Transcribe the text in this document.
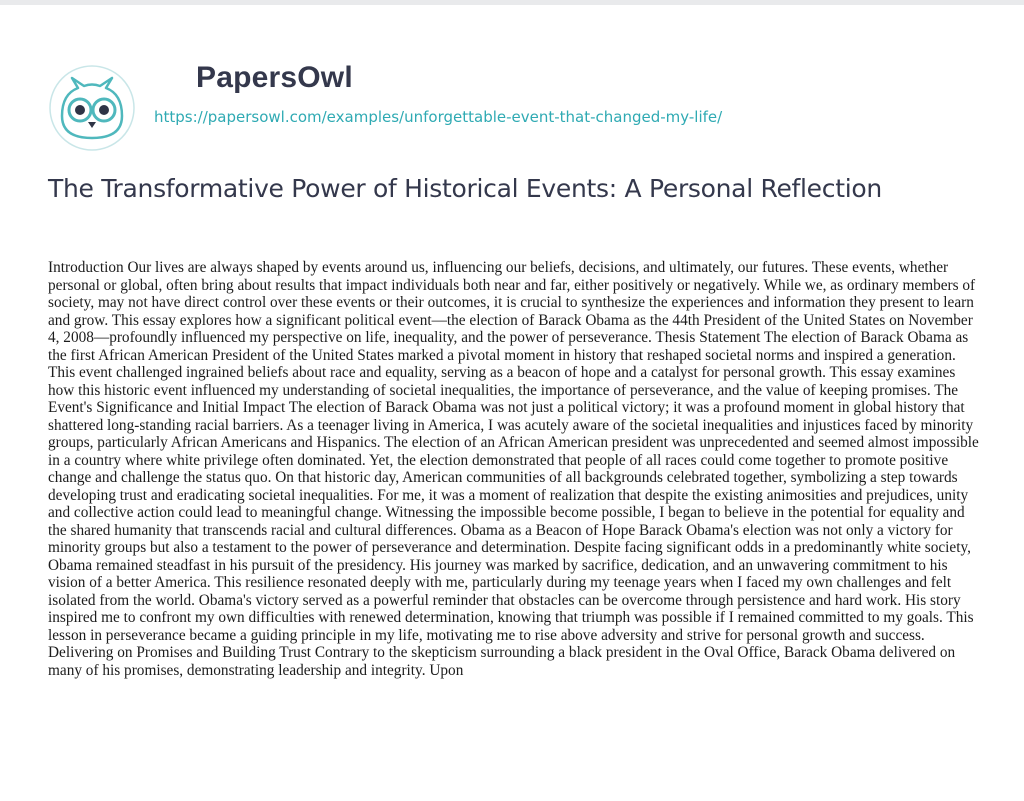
PapersOwl
https://papersowl.com/examples/unforgettable-event-that-changed-my-life/
The Transformative Power of Historical Events: A Personal Reflection

Introduction Our lives are always shaped by events around us, influencing our beliefs, decisions, and ultimately, our futures. These events, whether personal or global, often bring about results that impact individuals both near and far, either positively or negatively. While we, as ordinary members of society, may not have direct control over these events or their outcomes, it is crucial to synthesize the experiences and information they present to learn and grow. This essay explores how a significant political event—the election of Barack Obama as the 44th President of the United States on November 4, 2008—profoundly influenced my perspective on life, inequality, and the power of perseverance. Thesis Statement The election of Barack Obama as the first African American President of the United States marked a pivotal moment in history that reshaped societal norms and inspired a generation. This event challenged ingrained beliefs about race and equality, serving as a beacon of hope and a catalyst for personal growth. This essay examines how this historic event influenced my understanding of societal inequalities, the importance of perseverance, and the value of keeping promises. The Event's Significance and Initial Impact The election of Barack Obama was not just a political victory; it was a profound moment in global history that shattered long-standing racial barriers. As a teenager living in America, I was acutely aware of the societal inequalities and injustices faced by minority groups, particularly African Americans and Hispanics. The election of an African American president was unprecedented and seemed almost impossible in a country where white privilege often dominated. Yet, the election demonstrated that people of all races could come together to promote positive change and challenge the status quo. On that historic day, American communities of all backgrounds celebrated together, symbolizing a step towards developing trust and eradicating societal inequalities. For me, it was a moment of realization that despite the existing animosities and prejudices, unity and collective action could lead to meaningful change. Witnessing the impossible become possible, I began to believe in the potential for equality and the shared humanity that transcends racial and cultural differences. Obama as a Beacon of Hope Barack Obama's election was not only a victory for minority groups but also a testament to the power of perseverance and determination. Despite facing significant odds in a predominantly white society, Obama remained steadfast in his pursuit of the presidency. His journey was marked by sacrifice, dedication, and an unwavering commitment to his vision of a better America. This resilience resonated deeply with me, particularly during my teenage years when I faced my own challenges and felt isolated from the world. Obama's victory served as a powerful reminder that obstacles can be overcome through persistence and hard work. His story inspired me to confront my own difficulties with renewed determination, knowing that triumph was possible if I remained committed to my goals. This lesson in perseverance became a guiding principle in my life, motivating me to rise above adversity and strive for personal growth and success. Delivering on Promises and Building Trust Contrary to the skepticism surrounding a black president in the Oval Office, Barack Obama delivered on many of his promises, demonstrating leadership and integrity. Upon
